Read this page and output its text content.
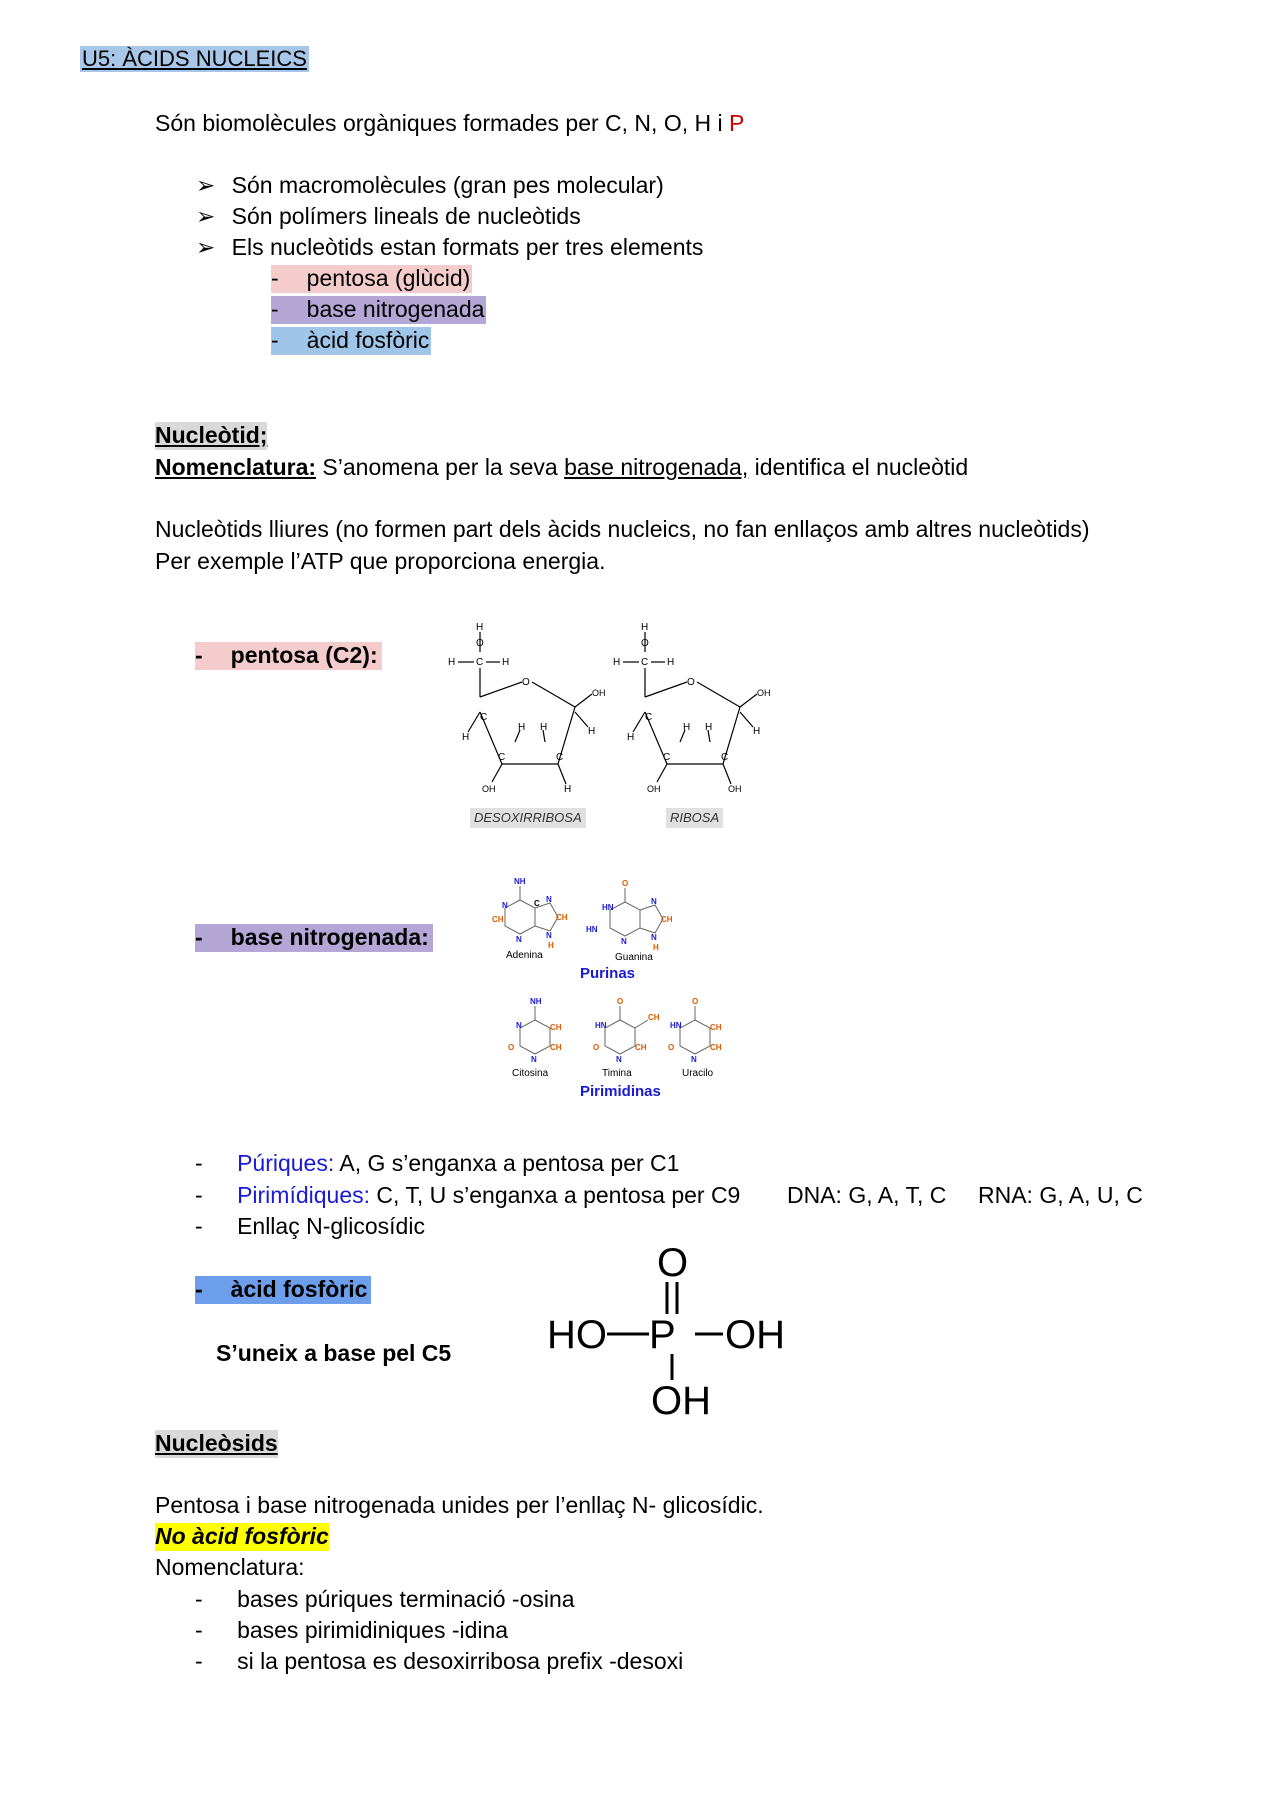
U5: ÀCIDS NUCLEICS
Són biomolècules orgàniques formades per C, N, O, H i P
➢ Són macromolècules (gran pes molecular)
➢ Són polímers lineals de nucleòtids
➢ Els nucleòtids estan formats per tres elements
- pentosa (glùcid)
- base nitrogenada
- àcid fosfòric
Nucleòtid;
Nomenclatura: S’anomena per la seva base nitrogenada, identifica el nucleòtid
Nucleòtids lliures (no formen part dels àcids nucleics, no fan enllaços amb altres nucleòtids)
Per exemple l’ATP que proporciona energia.
- pentosa (C2):
H
O
C
H	H
O
OH
H
C
H
H H
C	C
OH	H
H
O
C
H	H
O
OH
H
C
H
H H
C	C
OH	OH
DESOXIRRIBOSA	RIBOSA
- base nitrogenada:
NH
N	C N
CH
N
CH
N
H
Adenina
O
HN
N
CH
N
HN
N
H
Guanina
Purinas
NH
N	CH
CH
O
N
Citosina
O
HN
CH
CH
O
N
Timina
O
HN	CH
CH
O
N
Uracilo
Pirimidinas
- Púriques: A, G s’enganxa a pentosa per C1
- Pirimídiques: C, T, U s’enganxa a pentosa per C9 DNA: G, A, T, C RNA: G, A, U, C
- Enllaç N-glicosídic
- àcid fosfòric
S’uneix a base pel C5
O
P
HO	OH
OH
Nucleòsids
Pentosa i base nitrogenada unides per l’enllaç N- glicosídic.
No àcid fosfòric
Nomenclatura:
- bases púriques terminació -osina
- bases pirimidiniques -idina
- si la pentosa es desoxirribosa prefix -desoxi
